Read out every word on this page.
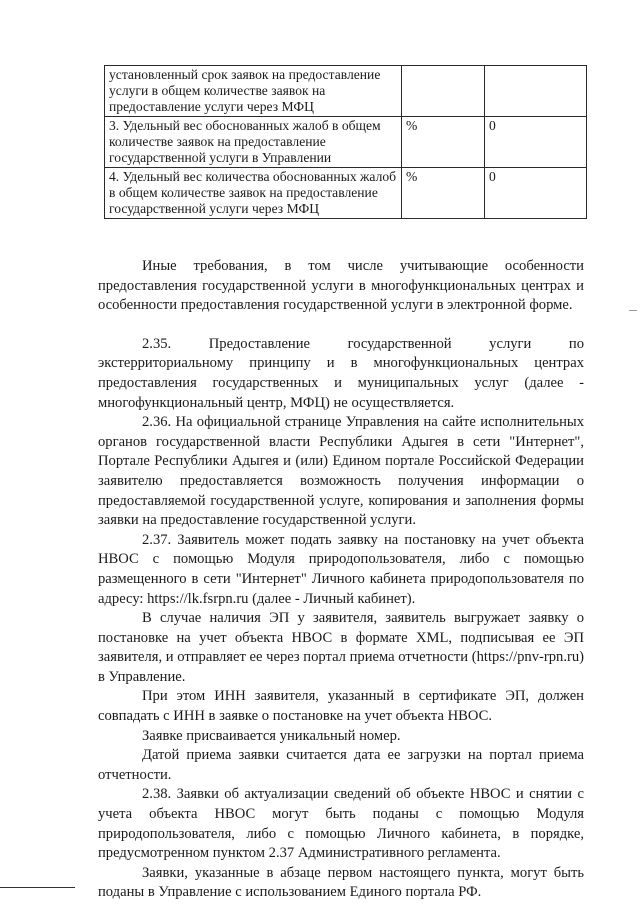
установленный срок заявок на предоставление услуги в общем количестве заявок на предоставление услуги через МФЦ		
3. Удельный вес обоснованных жалоб в общем количестве заявок на предоставление государственной услуги в Управлении	%	0
4. Удельный вес количества обоснованных жалоб в общем количестве заявок на предоставление государственной услуги через МФЦ	%	0

Иные требования, в том числе учитывающие особенности предоставления государственной услуги в многофункциональных центрах и особенности предоставления государственной услуги в электронной форме.

2.35. Предоставление государственной услуги по экстерриториальному принципу и в многофункциональных центрах предоставления государственных и муниципальных услуг (далее - многофункциональный центр, МФЦ) не осуществляется.

2.36. На официальной странице Управления на сайте исполнительных органов государственной власти Республики Адыгея в сети "Интернет", Портале Республики Адыгея и (или) Едином портале Российской Федерации заявителю предоставляется возможность получения информации о предоставляемой государственной услуге, копирования и заполнения формы заявки на предоставление государственной услуги.

2.37. Заявитель может подать заявку на постановку на учет объекта НВОС с помощью Модуля природопользователя, либо с помощью размещенного в сети "Интернет" Личного кабинета природопользователя по адресу: https://lk.fsrpn.ru (далее - Личный кабинет).

В случае наличия ЭП у заявителя, заявитель выгружает заявку о постановке на учет объекта НВОС в формате XML, подписывая ее ЭП заявителя, и отправляет ее через портал приема отчетности (https://pnv-rpn.ru) в Управление.

При этом ИНН заявителя, указанный в сертификате ЭП, должен совпадать с ИНН в заявке о постановке на учет объекта НВОС.

Заявке присваивается уникальный номер.

Датой приема заявки считается дата ее загрузки на портал приема отчетности.

2.38. Заявки об актуализации сведений об объекте НВОС и снятии с учета объекта НВОС могут быть поданы с помощью Модуля природопользователя, либо с помощью Личного кабинета, в порядке, предусмотренном пунктом 2.37 Административного регламента.

Заявки, указанные в абзаце первом настоящего пункта, могут быть поданы в Управление с использованием Единого портала РФ.
